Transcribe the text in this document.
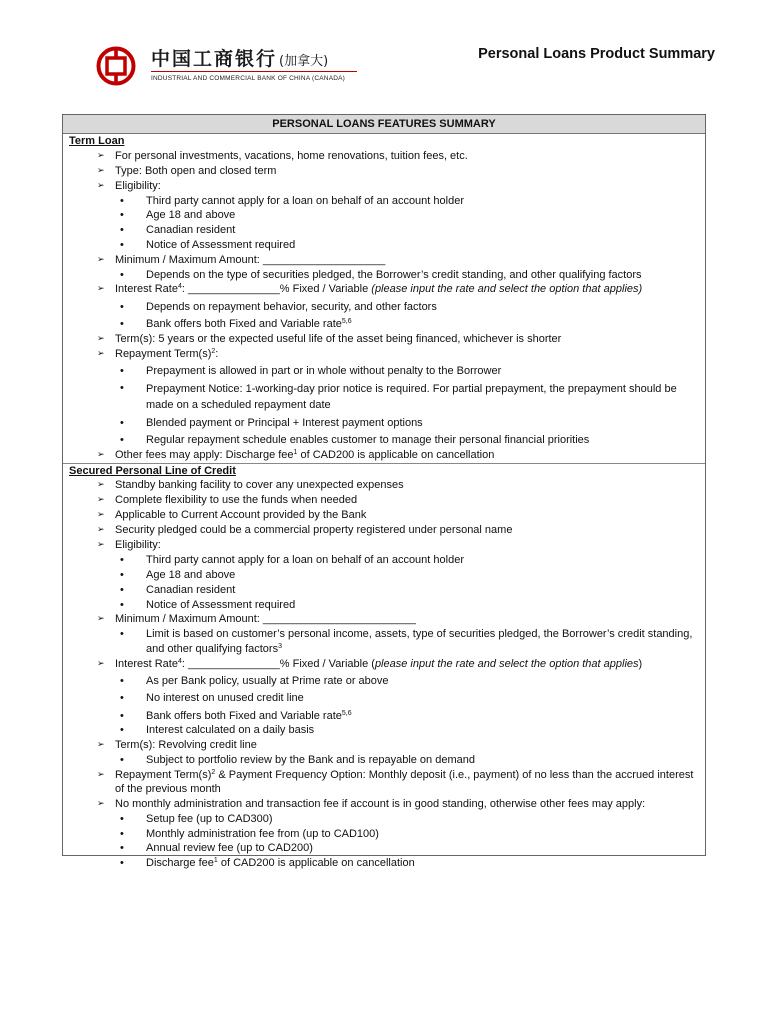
中国工商银行 (加拿大)
INDUSTRIAL AND COMMERCIAL BANK OF CHINA (CANADA)
Personal Loans Product Summary
PERSONAL LOANS FEATURES SUMMARY
Term Loan
➢ For personal investments, vacations, home renovations, tuition fees, etc.
➢ Type: Both open and closed term
➢ Eligibility:
•	Third party cannot apply for a loan on behalf of an account holder
•	Age 18 and above
•	Canadian resident
•	Notice of Assessment required
➢ Minimum / Maximum Amount: ____________________
•	Depends on the type of securities pledged, the Borrower’s credit standing, and other qualifying factors
➢ Interest Rate$^4$: _______________% Fixed / Variable (please input the rate and select the option that applies)
•	Depends on repayment behavior, security, and other factors
•	Bank offers both Fixed and Variable rate$^{5,6}$
➢ Term(s): 5 years or the expected useful life of the asset being financed, whichever is shorter
➢ Repayment $Term(s)^2$:
•	Prepayment is allowed in part or in whole without penalty to the Borrower
•	Prepayment Notice: 1-working-day prior notice is required. For partial prepayment, the prepayment should be made on a scheduled repayment date
•	Blended payment or Principal + Interest payment options
•	Regular repayment schedule enables customer to manage their personal financial priorities
➢ Other fees may apply: Discharge fee$^1$ of CAD200 is applicable on cancellation
Secured Personal Line of Credit
➢ Standby banking facility to cover any unexpected expenses
➢ Complete flexibility to use the funds when needed
➢ Applicable to Current Account provided by the Bank
➢ Security pledged could be a commercial property registered under personal name
➢ Eligibility:
•	Third party cannot apply for a loan on behalf of an account holder
•	Age 18 and above
•	Canadian resident
•	Notice of Assessment required
➢ Minimum / Maximum Amount: _________________________
•	Limit is based on customer’s personal income, assets, type of securities pledged, the Borrower’s credit standing, and other qualifying factors$^3$
➢ Interest Rate$^4$: _______________% Fixed / Variable (please input the rate and select the option that applies)
•	As per Bank policy, usually at Prime rate or above
•	No interest on unused credit line
•	Bank offers both Fixed and Variable rate$^{5,6}$
•	Interest calculated on a daily basis
➢ Term(s): Revolving credit line
•	Subject to portfolio review by the Bank and is repayable on demand
➢ Repayment $Term(s)^2$ & Payment Frequency Option: Monthly deposit (i.e., payment) of no less than the accrued interest of the previous month
➢ No monthly administration and transaction fee if account is in good standing, otherwise other fees may apply:
•	Setup fee (up to CAD300)
•	Monthly administration fee from (up to CAD100)
•	Annual review fee (up to CAD200)
•	Discharge fee$^1$ of CAD200 is applicable on cancellation
